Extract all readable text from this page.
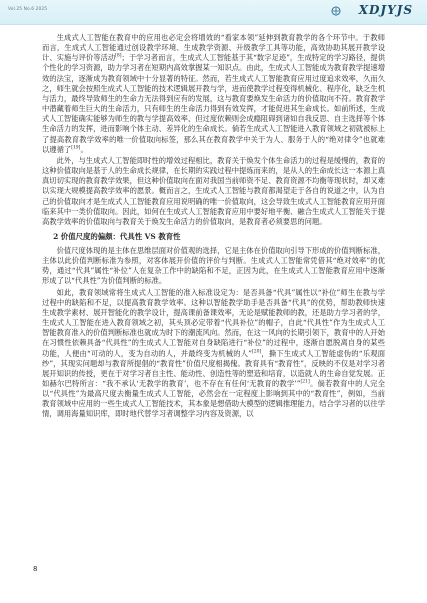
Vol.25 No.6 2025	XDJYJS

生成式人工智能在教育中的应用也必定会将增效的“看家本领”延伸到教育教学的各个环节中。于教师而言，生成式人工智能通过创设教学环境、生成教学资源、升级教学工具等功能，高效协助其展开教学设计、实施与评价等活动[8]；于学习者而言，生成式人工智能基于其“数字足迹”，生成特定的学习路径，提供个性化的学习资源，助力学习者在短期内高效掌握某一知识点。由此，生成式人工智能成为教育教学提速增效的法宝，逐渐成为教育领域中十分显著的特征。然而，若生成式人工智能教育应用过度追求效率，久而久之，师生就会按照生成式人工智能的技术逻辑展开教与学，进而使教学过程变得机械化、程序化，缺乏生机与活力，最终导致师生的生命力无法得到应有的发展，这与教育要焕发生命活力的价值取向不符。教育教学中潜藏着师生巨大的生命活力，只有师生的生命活力得到有效发挥，才能促进其生命成长。如前所述，生成式人工智能确实能够为师生的教与学提高效率，但过度依赖则会成瘾阻碍到诸如自我反思、自主选择等个体生命活力的发挥，进而影响个体主动、差异化的生命成长。倘若生成式人工智能进入教育领域之初就被标上了提高教育教学效率的唯一价值取向标签，那么其在教育教学中关于为人、服务于人的“绝对律令”也就难以遵循了[19]。

此外，与生成式人工智能即时性的增效过程相比，教育关于焕发个体生命活力的过程是缓慢的，教育的这种价值取向是基于人的生命成长规律，在长期的实践过程中提炼而来的，是从人的生命成长这一本源上真真切切实现的教育教学效果，但这种价值取向在面对我国当前师资不足、教育资源不均衡等现状时，却又难以实现大规模提高教学效率的愿景。概而言之，生成式人工智能与教育都渴望走于各自的说道之中，认为自己的价值取向才是生成式人工智能教育应用说明确的唯一价值取向，这会导致生成式人工智能教育应用开面临来其中一类价值取向。因此，如何在生成式人工智能教育应用中要好地平衡、融合生成式人工智能关于提高教学效率的价值取向与教育关于焕发生命活力的价值取向，是教育者必须要思的问题。

2 价值尺度的偏颇：代具性 VS 教育性

价值尺度体现的是主体在思维层面对价值观的选择，它是主体在价值取向引导下形成的价值判断标准，主体以此价值判断标准为参照，对客体展开价值的评价与判断。生成式人工智能常凭借其“绝对效率”的优势，通过“代具”属性“补位”人在复杂工作中的缺陷和不足，正因为此，在生成式人工智能教育应用中逐渐形成了以“代具性”为价值判断的标准。

如此，教育领域常将生成式人工智能的准入标准设定为：是否具备“代具”属性以“补位”师生在教与学过程中的缺陷和不足，以提高教育教学效率。这种以智能教学助手是否具备“代具”的优势，帮助教师快速生成教学素材、展开智能化的教学设计，提高课前备课效率，无论是赋能教师的教，还是助力学习者的学，生成式人工智能在进入教育领域之初，其头顶必定带着“代具补位”的帽子，自此“代具性”作为生成式人工智能教育准入的价值判断标准也就成为时下的潮流风向。然而，在这一风向的长期引领下，教育中的人开始在习惯性依赖具备“代具性”的生成式人工智能对自身缺陷进行“补位”的过程中，逐渐自愿脱离自身的某些功能，人便由“可动的人，变为自动的人，并最终变为机械的人”[20]，撕下生成式人工智能虚伪的“乐观面纱”，其现实问题却与教育所提倡的“教育性”价值尺度相揭傀。教育具有“教育性”，反映的不仅是对学习者展开知识的传授，更在于对学习者自主性、能动性、创造性等的塑造和培育，以造就人的生命自觉发展。正如赫尔巴特所言：“我不承认‘无教学的教育’，也不存在有任何‘无教育的教学’”[21]。倘若教育中的人完全以“代具性”为最高尺度去衡量生成式人工智能，必然会在一定程度上影响到其中的“教育性”，例如，当前教育领域中应用的一些生成式人工智能技术，其本象是想借助大模型的逻辑推理能力，结合学习者的以往学情，调用海量知识库，即时地代替学习者调整学习内容及资源，以

8
